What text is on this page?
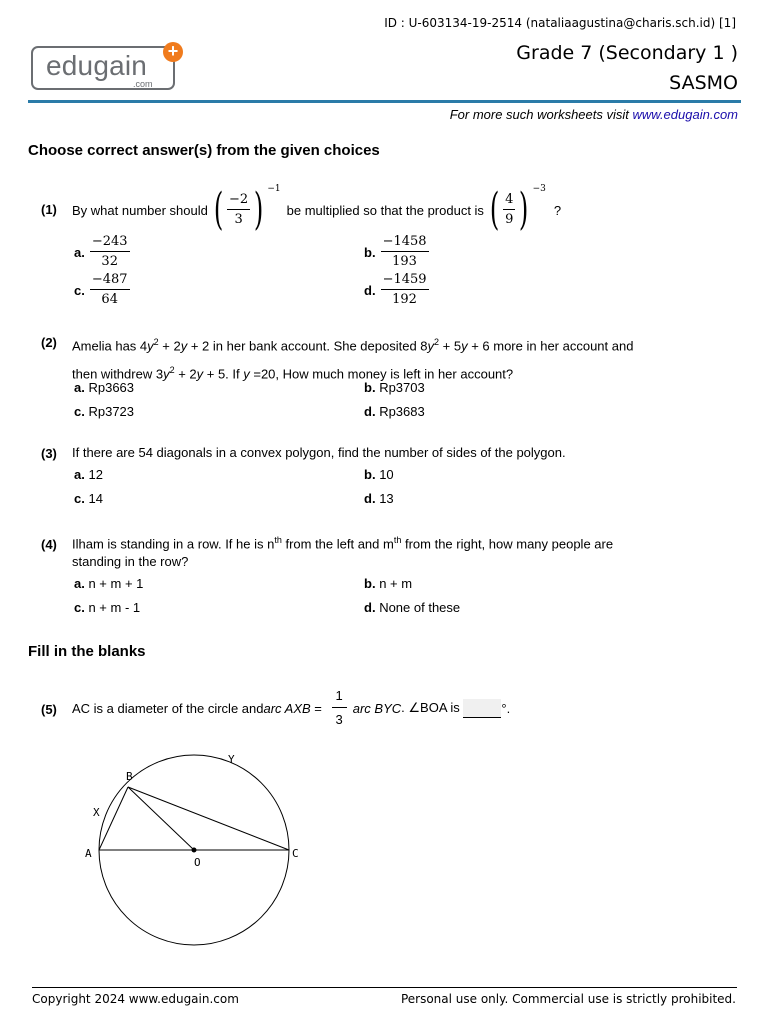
ID : U-603134-19-2514 (nataliaagustina@charis.sch.id) [1]
edugain
.com
+	Grade 7 (Secondary 1 )
SASMO
For more such worksheets visit www.edugain.com
Choose correct answer(s) from the given choices
(1) By what number should ( $\frac{-2}{3}$ ) −1
be multiplied so that the product is ( $\frac{4}{9}$ ) −3
?
a. $\frac{-243}{32}$	b. $\frac{-1458}{193}$
c. $\frac{-487}{64}$	d. $\frac{-1459}{192}$
(2) Amelia has $4y^2 + 2y + 2$ in her bank account. She deposited $8y^2 + 5y + 6$ more in her account and
then withdrew $3y^2 + 2y + 5$. If y =20, How much money is left in her account?
a. Rp3663	b. Rp3703
c. Rp3723	d. Rp3683
(3) If there are 54 diagonals in a convex polygon, find the number of sides of the polygon.
a. 12	b. 10
c. 14	d. 13
(4) Ilham is standing in a row. If he is $n^{th}$ from the left and $m^{th}$ from the right, how many people are
standing in the row?
a. n + m + 1	b. n + m
c. n + m - 1	d. None of these
Fill in the blanks
(5) AC is a diameter of the circle and arc AXB = $\frac{1}{3}$ arc BYC . ∠BOA is	°.
A
B
C
O
X
Y
Copyright 2024 www.edugain.com	Personal use only. Commercial use is strictly prohibited.
